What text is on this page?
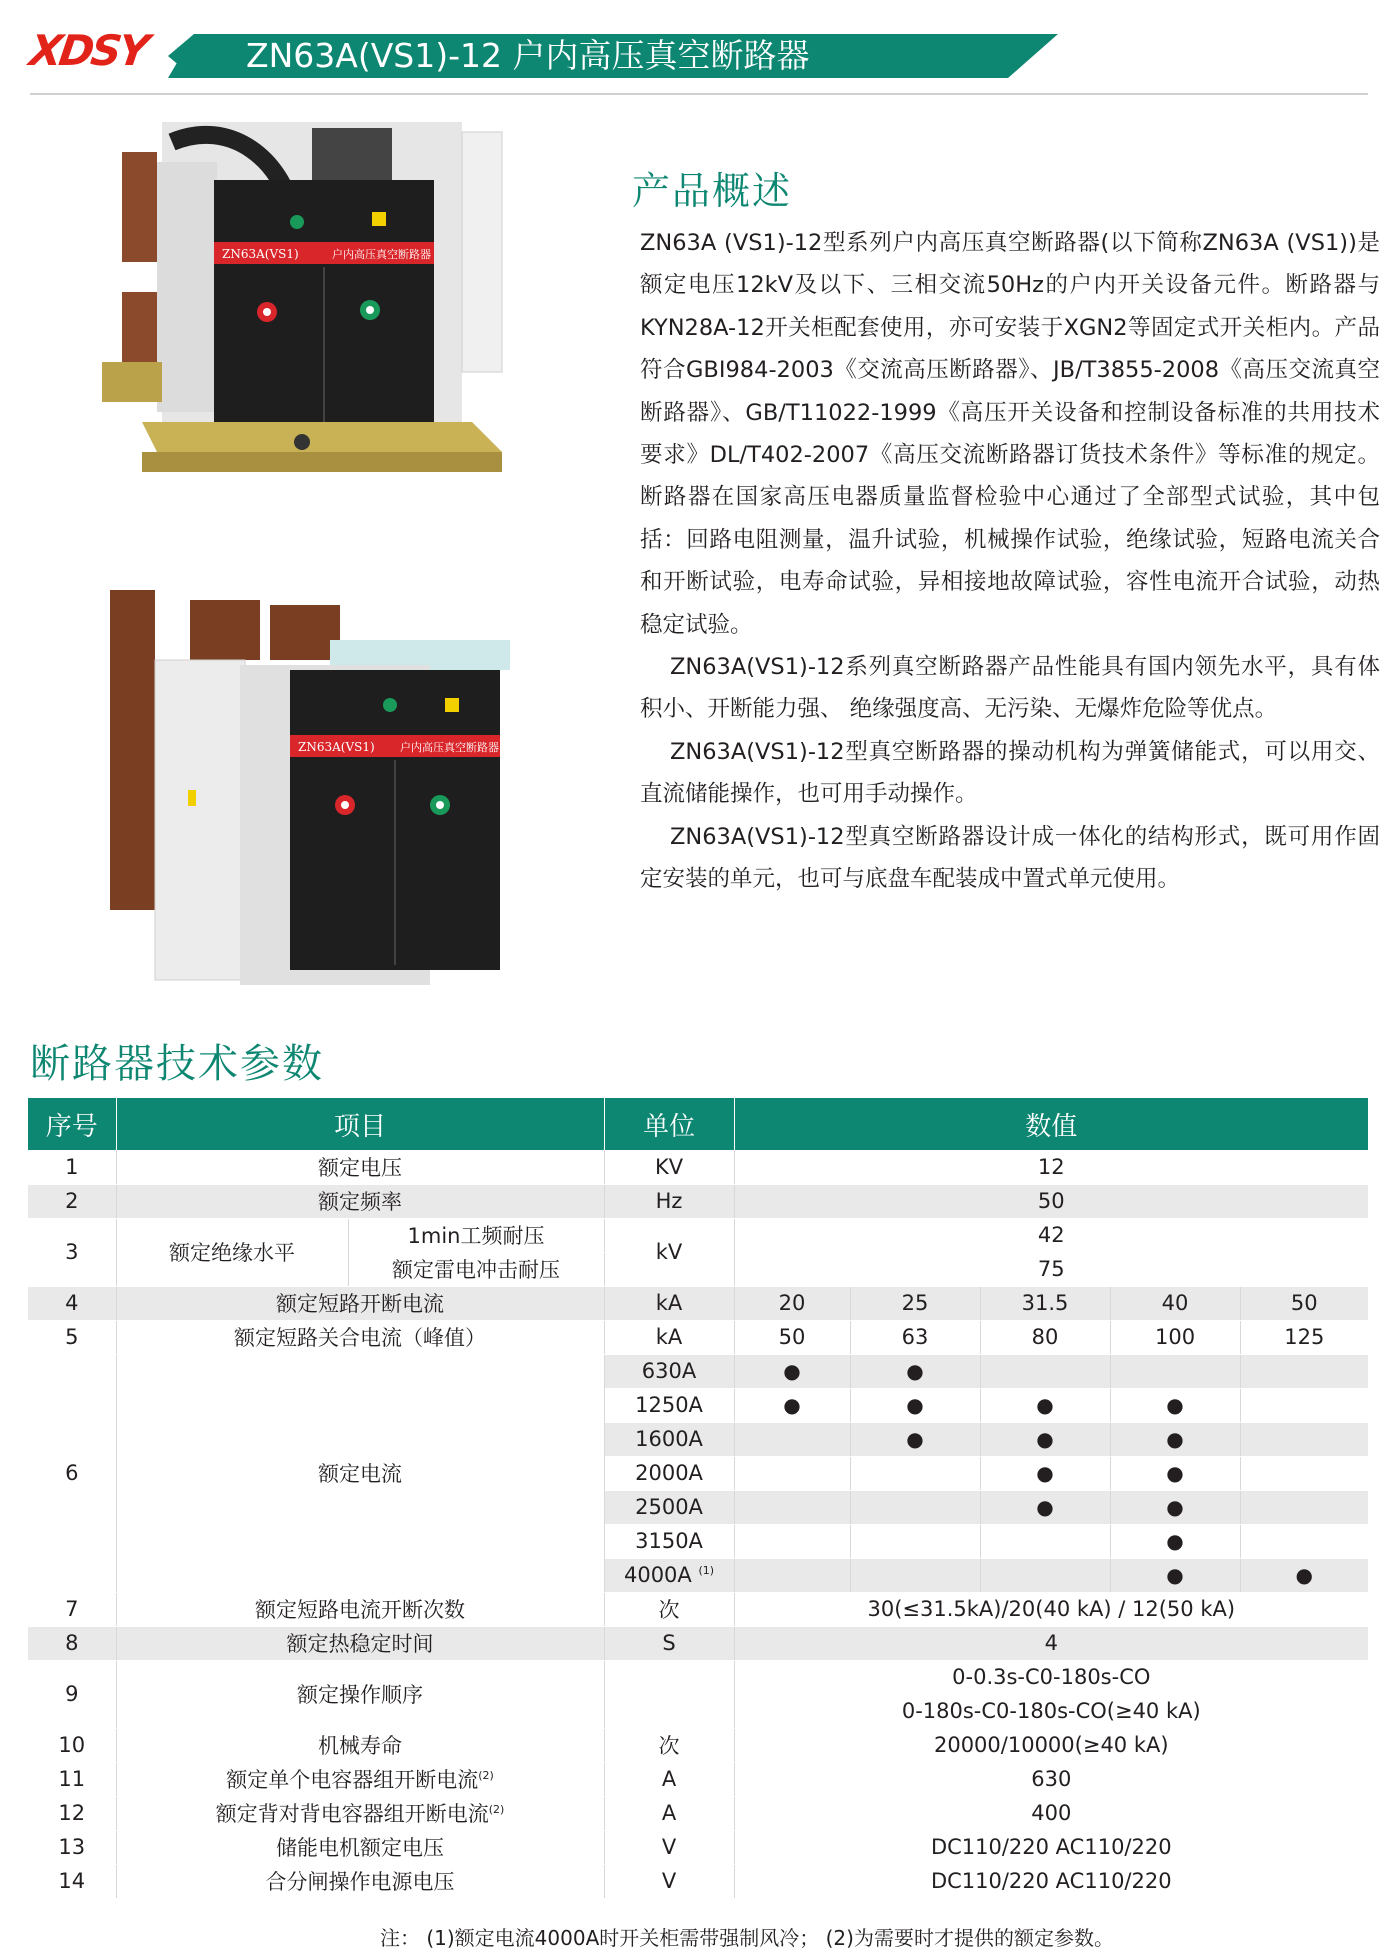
XDSY	ZN63A(VS1)-12 户内高压真空断路器
ZN63A(VS1)	户内高压真空断路器
ZN63A(VS1) 户内高压真空断路器
产品概述

ZN63A (VS1)-12型系列户内高压真空断路器(以下简称ZN63A (VS1))是额定电压12kV及以下、三相交流50Hz的户内开关设备元件。断路器与KYN28A-12开关柜配套使用，亦可安装于XGN2等固定式开关柜内。产品符合GBI984-2003《交流高压断路器》、JB/T3855-2008《高压交流真空断路器》、GB/T11022-1999《高压开关设备和控制设备标准的共用技术要求》DL/T402-2007《高压交流断路器订货技术条件》等标准的规定。断路器在国家高压电器质量监督检验中心通过了全部型式试验，其中包括：回路电阻测量，温升试验，机械操作试验，绝缘试验，短路电流关合和开断试验，电寿命试验，异相接地故障试验，容性电流开合试验，动热稳定试验。

ZN63A(VS1)-12系列真空断路器产品性能具有国内领先水平，具有体积小、开断能力强、 绝缘强度高、无污染、无爆炸危险等优点。

ZN63A(VS1)-12型真空断路器的操动机构为弹簧储能式，可以用交、直流储能操作，也可用手动操作。

ZN63A(VS1)-12型真空断路器设计成一体化的结构形式，既可用作固定安装的单元，也可与底盘车配装成中置式单元使用。

断路器技术参数
序号	项目		单位	数值				
1	额定电压		KV	12				
2	额定频率		Hz	50				
3	额定绝缘水平	1min工频耐压	kV	42				
		额定雷电冲击耐压		75				
4	额定短路开断电流		kA	20	25	31.5	40	50
5	额定短路关合电流（峰值）		kA	50	63	80	100	125
6	额定电流		630A	●	●			
			1250A	●	●	●	●	
			1600A		●	●	●	
			2000A			●	●	
			2500A			●	●	
			3150A				●	
			4000A $^{(1)}$				●	●
7	额定短路电流开断次数		次	30(≤31.5kA)/20(40 kA) / 12(50 kA)				
8	额定热稳定时间		S	4				
9	额定操作顺序			0-0.3s-C0-180s-CO				
				0-180s-C0-180s-CO(≥40 kA)				
10	机械寿命		次	20000/10000(≥40 kA)				
11	额定单个电容器组开断电流$^{(2)}$		A	630				
12	额定背对背电容器组开断电流$^{(2)}$		A	400				
13	储能电机额定电压		V	DC110/220 AC110/220				
14	合分闸操作电源电压		V	DC110/220 AC110/220				
注： (1)额定电流4000A时开关柜需带强制风冷； (2)为需要时才提供的额定参数。
